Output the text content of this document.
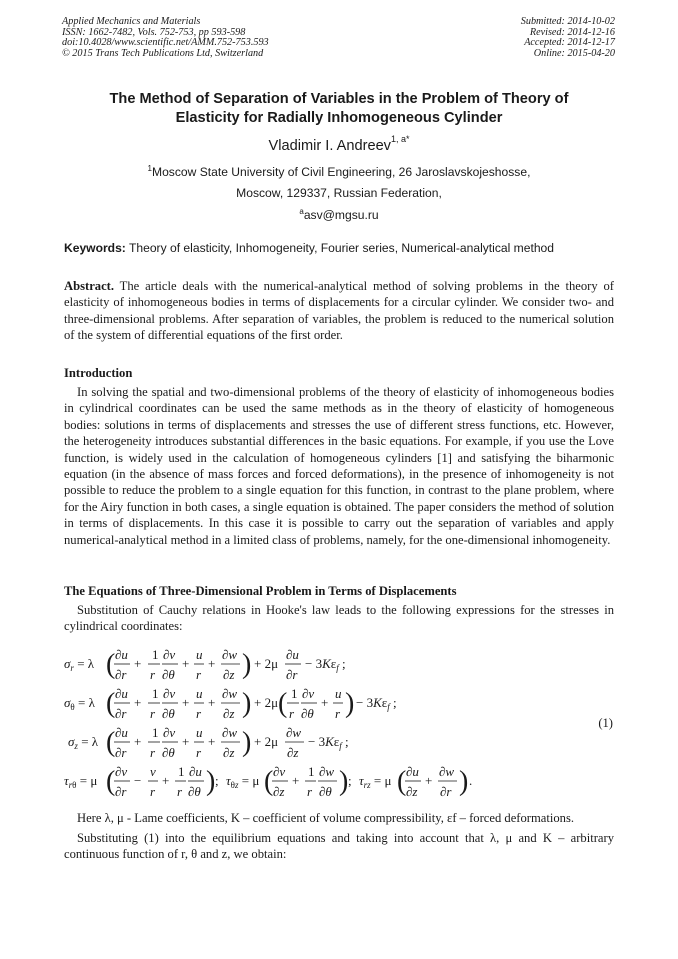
Applied Mechanics and Materials
ISSN: 1662-7482, Vols. 752-753, pp 593-598
doi:10.4028/www.scientific.net/AMM.752-753.593
© 2015 Trans Tech Publications Ltd, Switzerland
Submitted: 2014-10-02
Revised: 2014-12-16
Accepted: 2014-12-17
Online: 2015-04-20
The Method of Separation of Variables in the Problem of Theory of
Elasticity for Radially Inhomogeneous Cylinder
Vladimir I. Andreev$^{1, a*}$
$^1$Moscow State University of Civil Engineering, 26 Jaroslavskojeshosse,
Moscow, 129337, Russian Federation,
$^a$asv@mgsu.ru
Keywords: Theory of elasticity, Inhomogeneity, Fourier series, Numerical-analytical method
Abstract. The article deals with the numerical-analytical method of solving problems in the theory of elasticity of inhomogeneous bodies in terms of displacements for a circular cylinder. We consider two- and three-dimensional problems. After separation of variables, the problem is reduced to the numerical solution of the system of differential equations of the first order.
Introduction
In solving the spatial and two-dimensional problems of the theory of elasticity of inhomogeneous bodies in cylindrical coordinates can be used the same methods as in the theory of elasticity of homogeneous bodies: solutions in terms of displacements and stresses the use of different stress functions, etc. However, the heterogeneity introduces substantial differences in the basic equations. For example, if you use the Love function, is widely used in the calculation of homogeneous cylinders [1] and satisfying the biharmonic equation (in the absence of mass forces and forced deformations), in the presence of inhomogeneity is not possible to reduce the problem to a single equation for this function, in contrast to the plane problem, where for the Airy function in both cases, a single equation is obtained. The paper considers the method of solution in terms of displacements. In this case it is possible to carry out the separation of variables and apply numerical-analytical method in a limited class of problems, namely, for the one-dimensional inhomogeneity.
The Equations of Three-Dimensional Problem in Terms of Displacements
Substitution of Cauchy relations in Hooke's law leads to the following expressions for the stresses in cylindrical coordinates:
$\sigma_r = \lambda$ ( ∂u
∂r
+
1
r
∂v
∂θ
+
u
r
+
∂w
∂z ) + 2μ
∂u
∂r
− $3K\varepsilon_f$ ;
$\sigma_\theta = \lambda$ ( ∂u
∂r
+
1
r
∂v
∂θ
+
u
r
+
∂w
∂z ) + 2μ ( 1
r
∂v
∂θ
+
u
r ) − $3K\varepsilon_f$ ;
$\sigma_z = \lambda$ ( ∂u
∂r
+
1
r
∂v
∂θ
+
u
r
+
∂w
∂z ) + 2μ
∂w
∂z
− $3K\varepsilon_f$ ;
$\tau_{r\theta} = \mu$ ( ∂v
∂r
−
v
r
+
1
r
∂u
∂θ ) ; $\tau_{\theta z} = \mu$ ( ∂v
∂z
+
1
r
∂w
∂θ ) ; $\tau_{rz} = \mu$ ( ∂u
∂z
+
∂w
∂r ) .
(1)
Here λ, μ - Lame coefficients, K – coefficient of volume compressibility, εf – forced deformations.
Substituting (1) into the equilibrium equations and taking into account that λ, μ and K – arbitrary continuous function of r, θ and z, we obtain:
